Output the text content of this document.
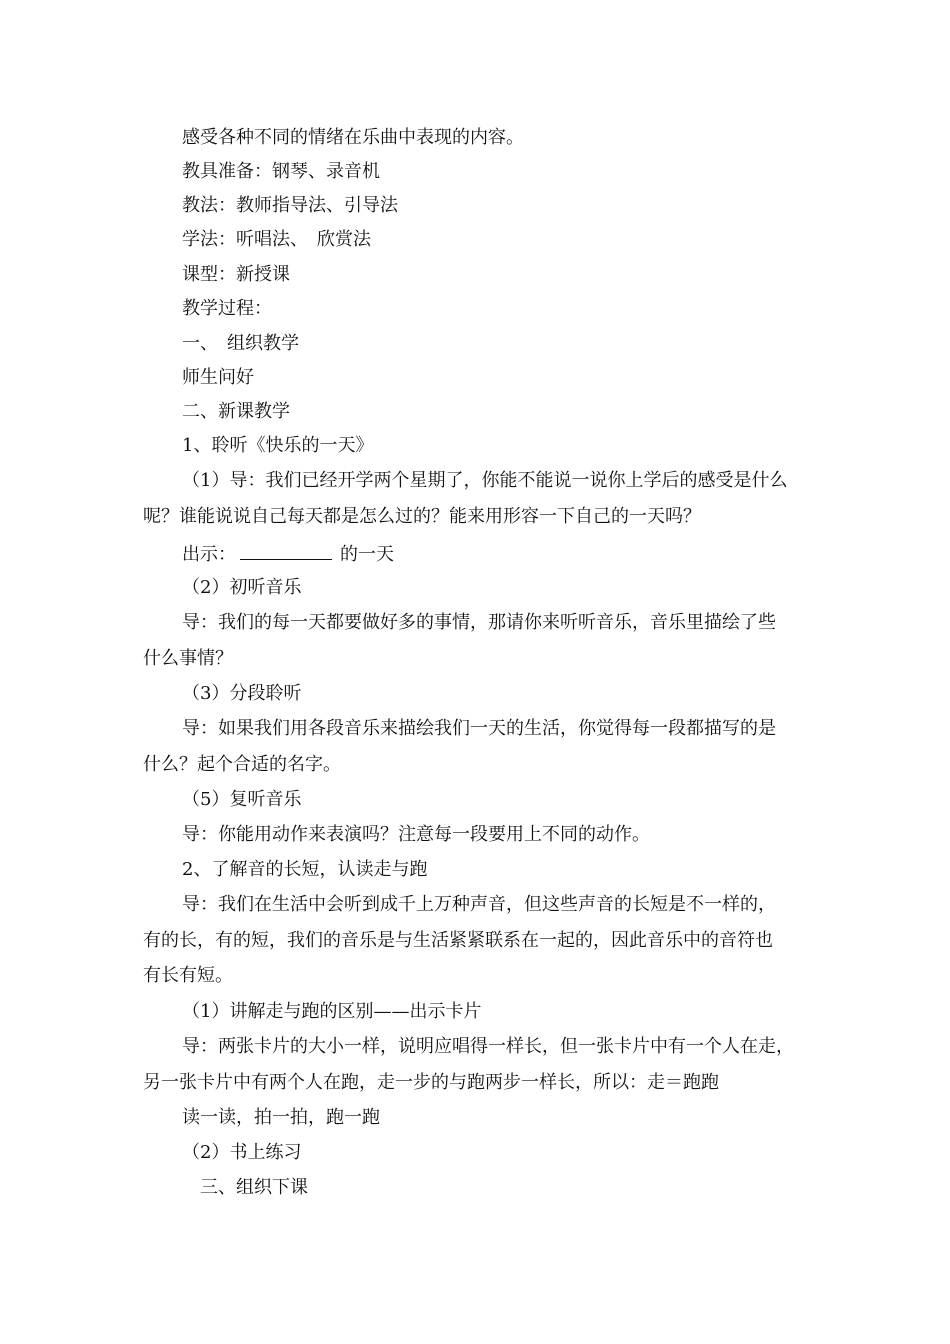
感受各种不同的情绪在乐曲中表现的内容。
教具准备：钢琴、录音机
教法：教师指导法、引导法
学法：听唱法、　欣赏法
课型：新授课
教学过程：
一、　组织教学
师生问好
二、新课教学
1、聆听《快乐的一天》
（1）导：我们已经开学两个星期了，你能不能说一说你上学后的感受是什么
呢？谁能说说自己每天都是怎么过的？能来用形容一下自己的一天吗？
出示：	的一天
（2）初听音乐
导：我们的每一天都要做好多的事情，那请你来听听音乐，音乐里描绘了些
什么事情？
（3）分段聆听
导：如果我们用各段音乐来描绘我们一天的生活，你觉得每一段都描写的是
什么？起个合适的名字。
（5）复听音乐
导：你能用动作来表演吗？注意每一段要用上不同的动作。
2、了解音的长短，认读走与跑
导：我们在生活中会听到成千上万种声音，但这些声音的长短是不一样的，
有的长，有的短，我们的音乐是与生活紧紧联系在一起的，因此音乐中的音符也
有长有短。
（1）讲解走与跑的区别——出示卡片
导：两张卡片的大小一样，说明应唱得一样长，但一张卡片中有一个人在走，
另一张卡片中有两个人在跑，走一步的与跑两步一样长，所以：走＝跑跑
读一读，拍一拍，跑一跑
（2）书上练习
三、组织下课
